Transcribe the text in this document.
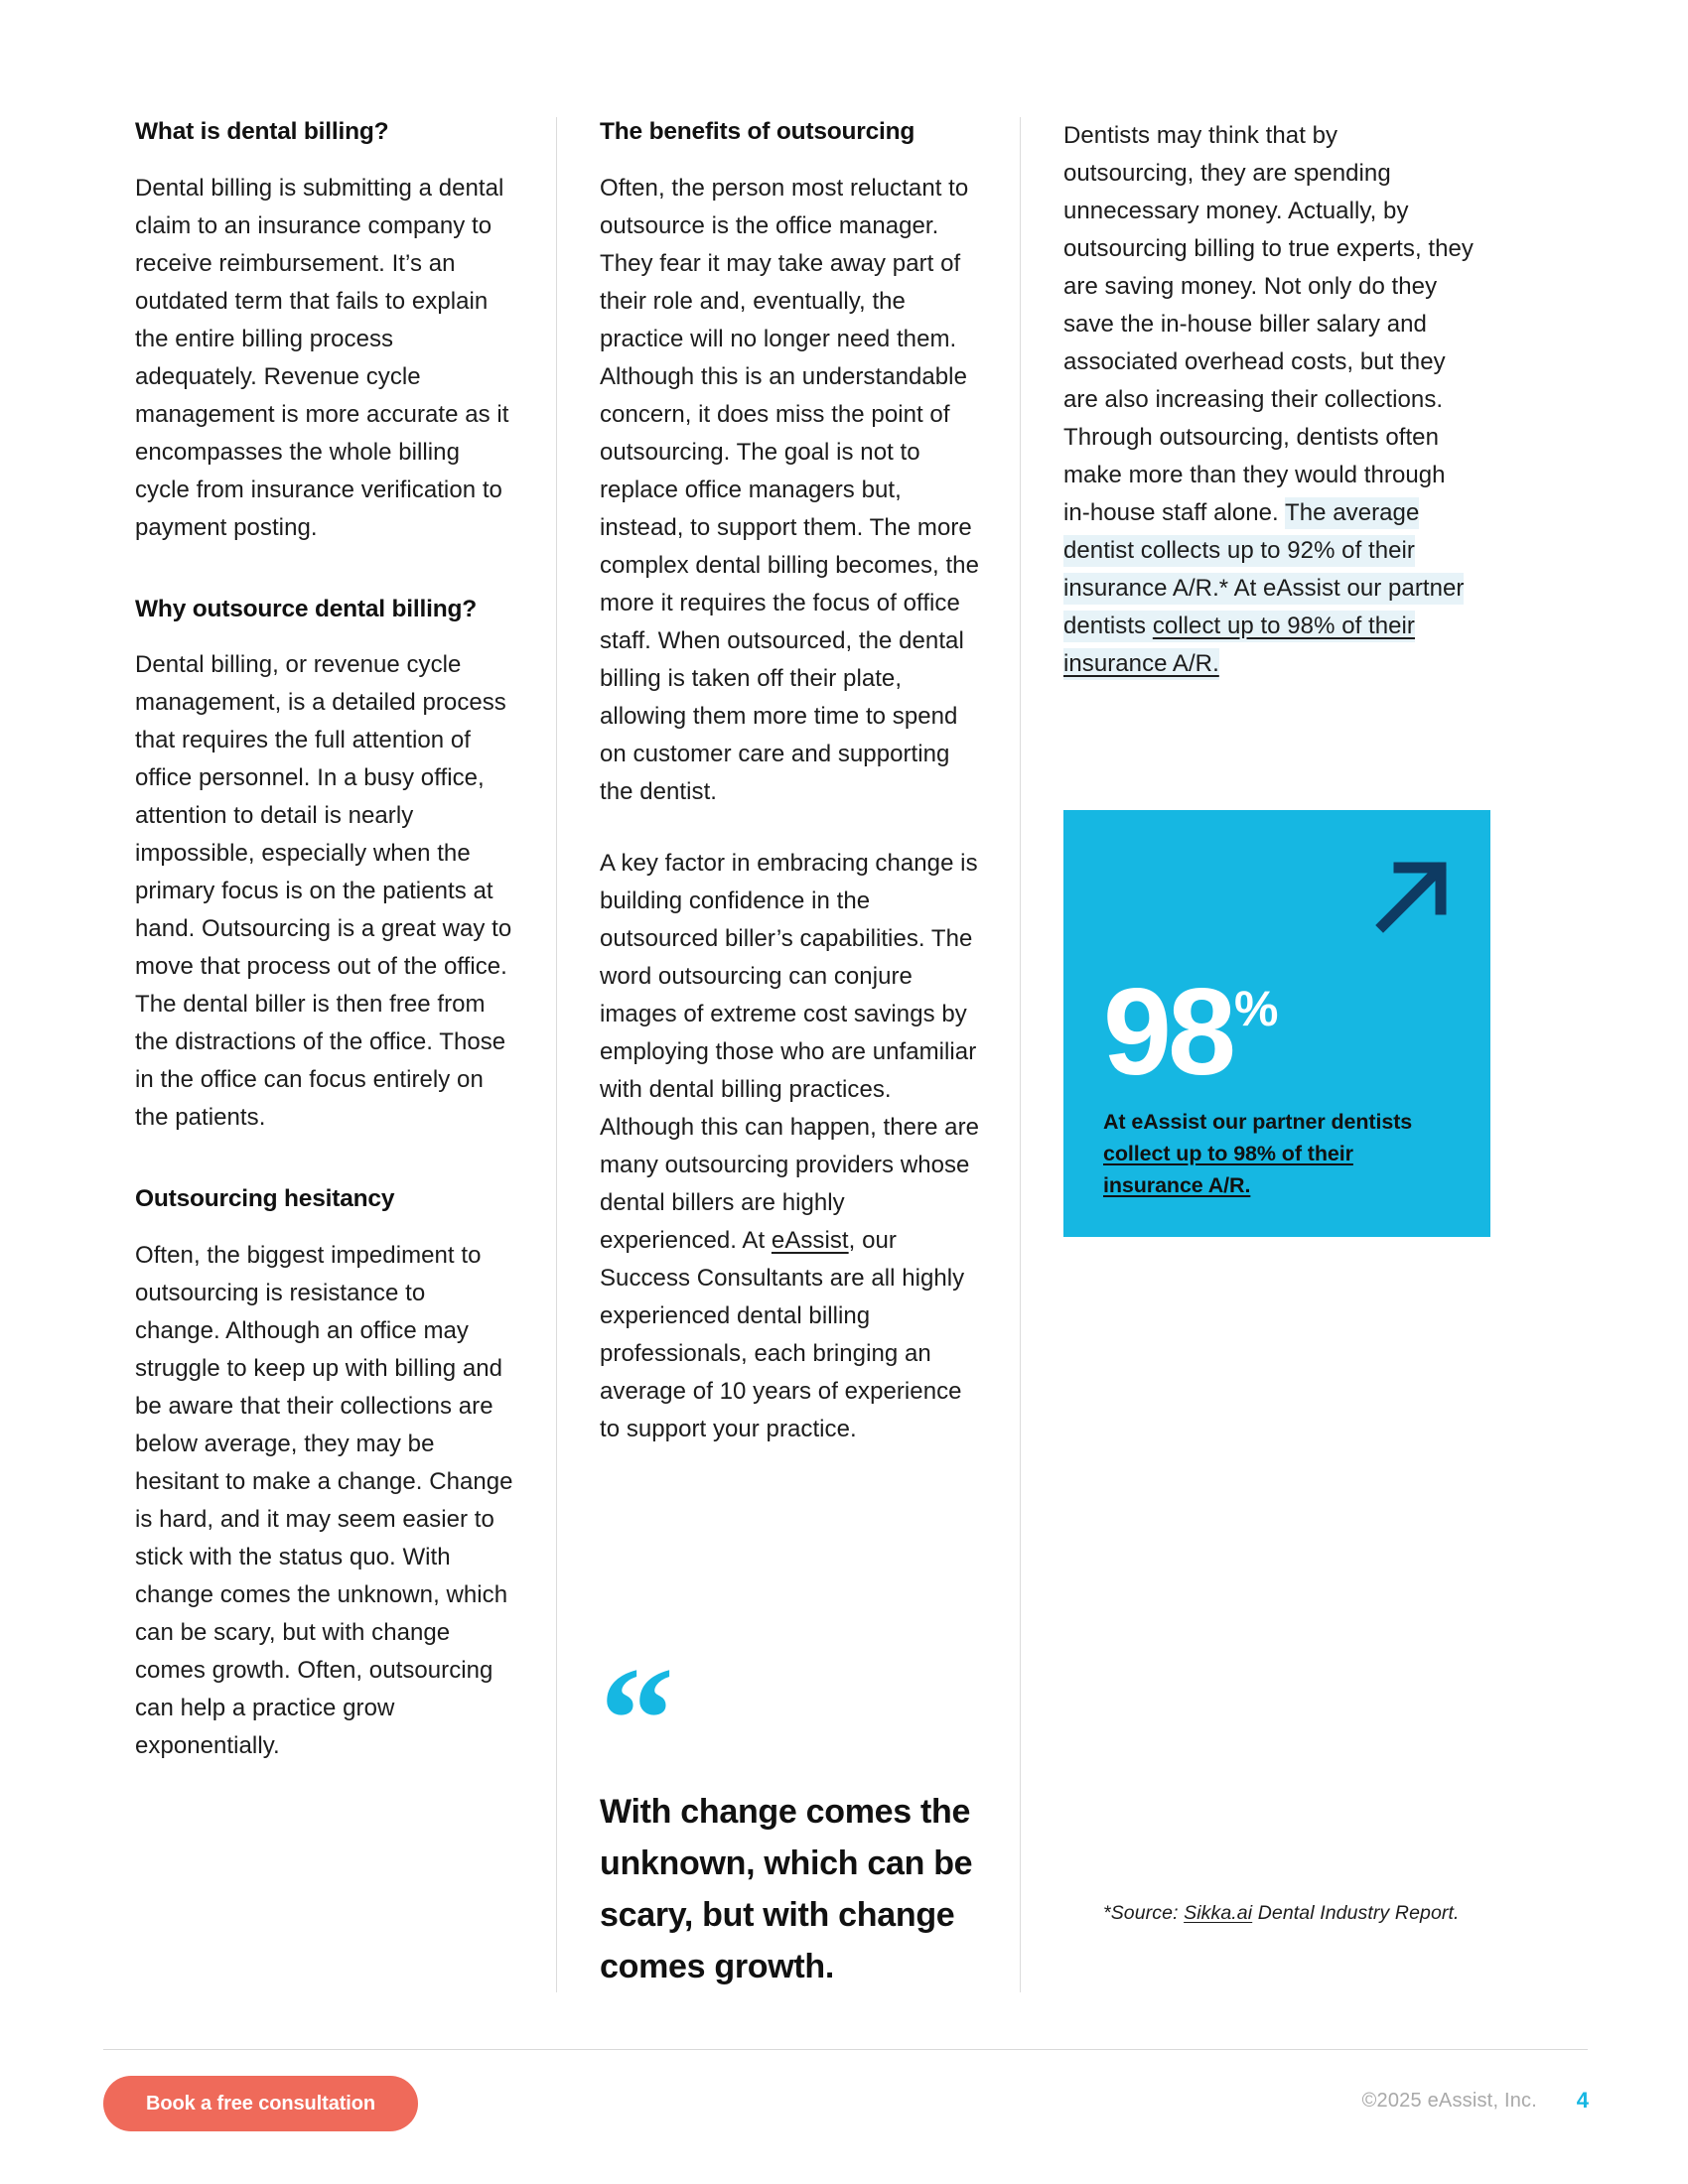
What is dental billing?

Dental billing is submitting a dental claim to an insurance company to receive reimbursement. It’s an outdated term that fails to explain the entire billing process adequately. Revenue cycle management is more accurate as it encompasses the whole billing cycle from insurance verification to payment posting.

Why outsource dental billing?

Dental billing, or revenue cycle management, is a detailed process that requires the full attention of office personnel. In a busy office, attention to detail is nearly impossible, especially when the primary focus is on the patients at hand. Outsourcing is a great way to move that process out of the office. The dental biller is then free from the distractions of the office. Those in the office can focus entirely on the patients.

Outsourcing hesitancy

Often, the biggest impediment to outsourcing is resistance to change. Although an office may struggle to keep up with billing and be aware that their collections are below average, they may be hesitant to make a change. Change is hard, and it may seem easier to stick with the status quo. With change comes the unknown, which can be scary, but with change comes growth. Often, outsourcing can help a practice grow exponentially.

The benefits of outsourcing

Often, the person most reluctant to outsource is the office manager. They fear it may take away part of their role and, eventually, the practice will no longer need them. Although this is an understandable concern, it does miss the point of outsourcing. The goal is not to replace office managers but, instead, to support them. The more complex dental billing becomes, the more it requires the focus of office staff. When outsourced, the dental billing is taken off their plate, allowing them more time to spend on customer care and supporting the dentist.

A key factor in embracing change is building confidence in the outsourced biller’s capabilities. The word outsourcing can conjure images of extreme cost savings by employing those who are unfamiliar with dental billing practices. Although this can happen, there are many outsourcing providers whose dental billers are highly experienced. At eAssist, our Success Consultants are all highly experienced dental billing professionals, each bringing an average of 10 years of experience to support your practice.

“
With change comes the unknown, which can be scary, but with change comes growth.

Dentists may think that by outsourcing, they are spending unnecessary money. Actually, by outsourcing billing to true experts, they are saving money. Not only do they save the in-house biller salary and associated overhead costs, but they are also increasing their collections. Through outsourcing, dentists often make more than they would through in-house staff alone. The average dentist collects up to 92% of their insurance A/R.* At eAssist our partner dentists collect up to 98% of their insurance A/R.

98 %
At eAssist our partner dentists collect up to 98% of their insurance A/R.
*Source: Sikka.ai Dental Industry Report.
Book a free consultation	©2025 eAssist, Inc. 4
